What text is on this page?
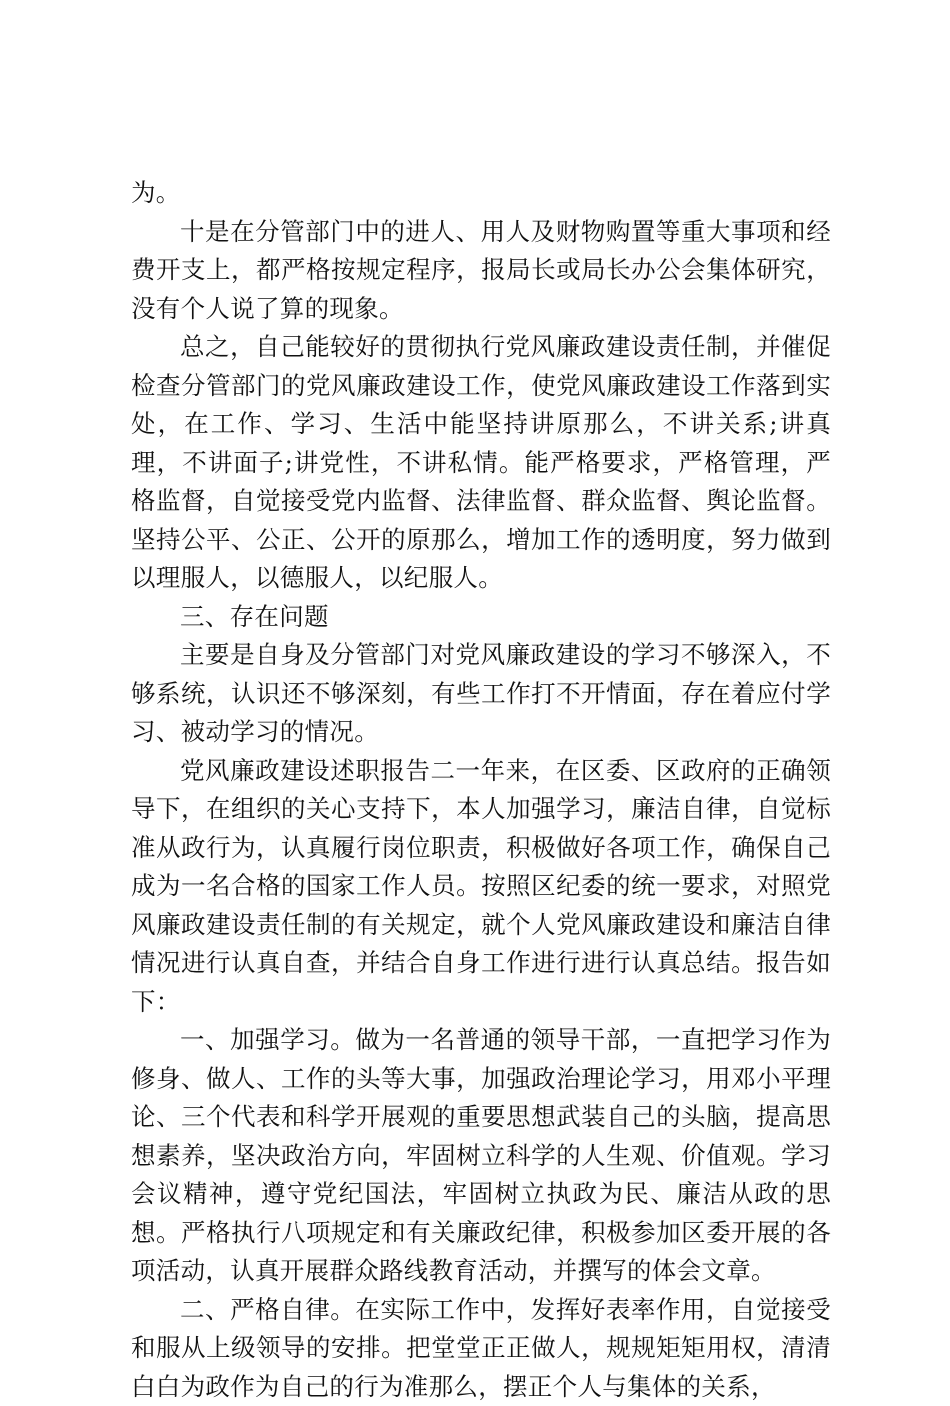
为。

十是在分管部门中的进人、用人及财物购置等重大事项和经费开支上，都严格按规定程序，报局长或局长办公会集体研究，没有个人说了算的现象。

总之，自己能较好的贯彻执行党风廉政建设责任制，并催促检查分管部门的党风廉政建设工作，使党风廉政建设工作落到实处，在工作、学习、生活中能坚持讲原那么，不讲关系;讲真理，不讲面子;讲党性，不讲私情。能严格要求，严格管理，严格监督，自觉接受党内监督、法律监督、群众监督、舆论监督。坚持公平、公正、公开的原那么，增加工作的透明度，努力做到以理服人，以德服人，以纪服人。

三、存在问题

主要是自身及分管部门对党风廉政建设的学习不够深入，不够系统，认识还不够深刻，有些工作打不开情面，存在着应付学习、被动学习的情况。

党风廉政建设述职报告二一年来，在区委、区政府的正确领导下，在组织的关心支持下，本人加强学习，廉洁自律，自觉标准从政行为，认真履行岗位职责，积极做好各项工作，确保自己成为一名合格的国家工作人员。按照区纪委的统一要求，对照党风廉政建设责任制的有关规定，就个人党风廉政建设和廉洁自律情况进行认真自查，并结合自身工作进行进行认真总结。报告如下：

一、加强学习。做为一名普通的领导干部，一直把学习作为修身、做人、工作的头等大事，加强政治理论学习，用邓小平理论、三个代表和科学开展观的重要思想武装自己的头脑，提高思想素养，坚决政治方向，牢固树立科学的人生观、价值观。学习会议精神，遵守党纪国法，牢固树立执政为民、廉洁从政的思想。严格执行八项规定和有关廉政纪律，积极参加区委开展的各项活动，认真开展群众路线教育活动，并撰写的体会文章。

二、严格自律。在实际工作中，发挥好表率作用，自觉接受和服从上级领导的安排。把堂堂正正做人，规规矩矩用权，清清白白为政作为自己的行为准那么，摆正个人与集体的关系，
